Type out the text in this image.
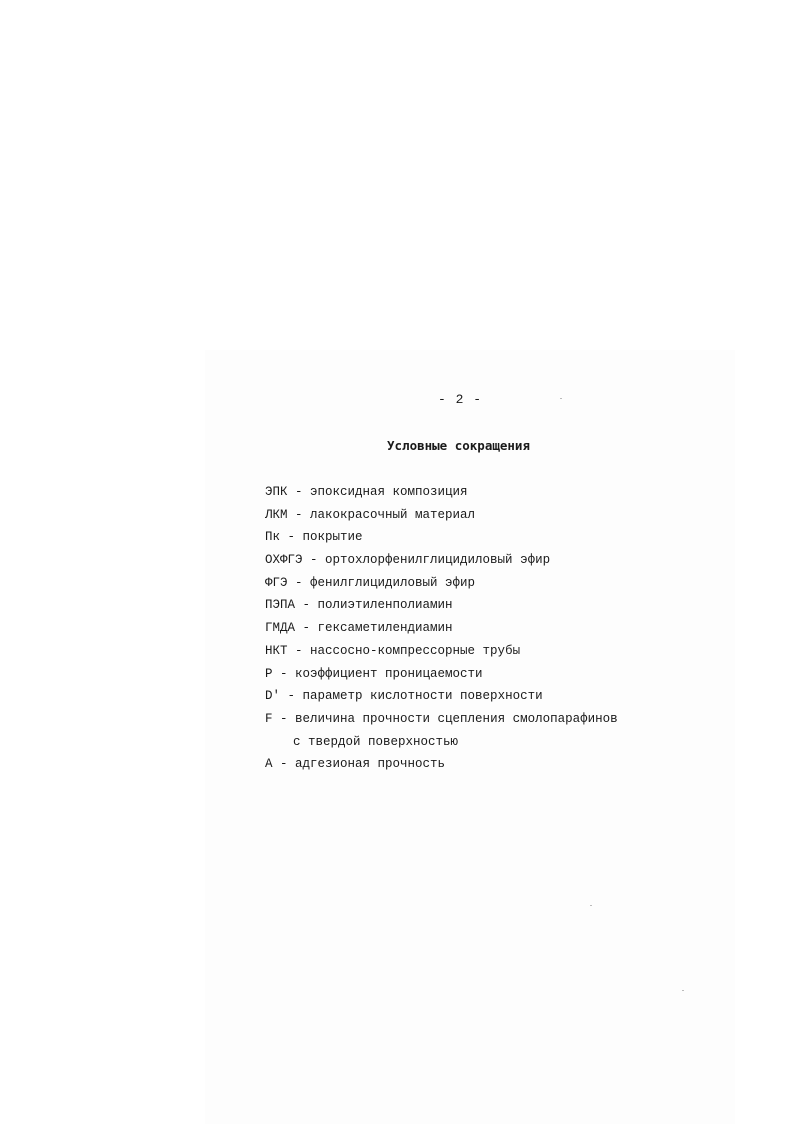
- 2 -
Условные сокращения
ЭПК - эпоксидная композиция
ЛКМ - лакокрасочный материал
Пк - покрытие
ОХФГЭ - ортохлорфенилглицидиловый эфир
ФГЭ - фенилглицидиловый эфир
ПЭПА - полиэтиленполиамин
ГМДА - гексаметилендиамин
НКТ - нассосно-компрессорные трубы
Р - коэффициент проницаемости
D' - параметр кислотности поверхности
F - величина прочности сцепления смолопарафинов
с твердой поверхностью
А - адгезионая прочность
